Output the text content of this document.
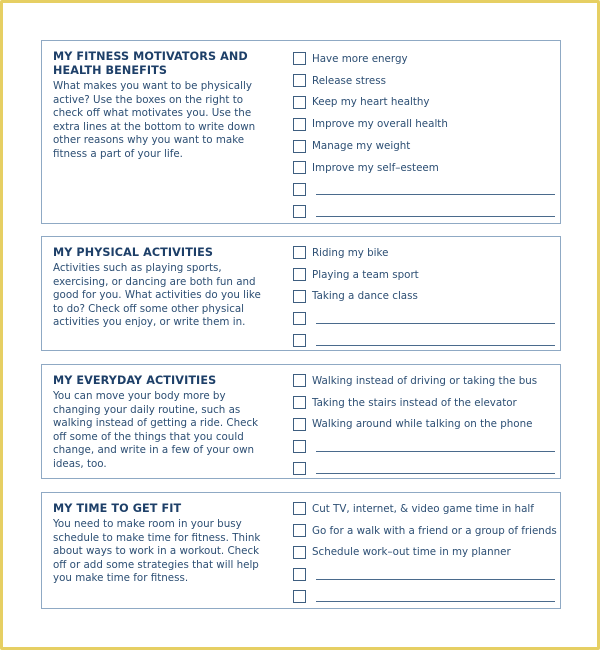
MY FITNESS MOTIVATORS AND
HEALTH BENEFITS
What makes you want to be physically
active? Use the boxes on the right to
check off what motivates you. Use the
extra lines at the bottom to write down
other reasons why you want to make
fitness a part of your life.
Have more energy
Release stress
Keep my heart healthy
Improve my overall health
Manage my weight
Improve my self–esteem
MY PHYSICAL ACTIVITIES
Activities such as playing sports,
exercising, or dancing are both fun and
good for you. What activities do you like
to do? Check off some other physical
activities you enjoy, or write them in.
Riding my bike
Playing a team sport
Taking a dance class
MY EVERYDAY ACTIVITIES
You can move your body more by
changing your daily routine, such as
walking instead of getting a ride. Check
off some of the things that you could
change, and write in a few of your own
ideas, too.
Walking instead of driving or taking the bus
Taking the stairs instead of the elevator
Walking around while talking on the phone
MY TIME TO GET FIT
You need to make room in your busy
schedule to make time for fitness. Think
about ways to work in a workout. Check
off or add some strategies that will help
you make time for fitness.
Cut TV, internet, & video game time in half
Go for a walk with a friend or a group of friends
Schedule work–out time in my planner
